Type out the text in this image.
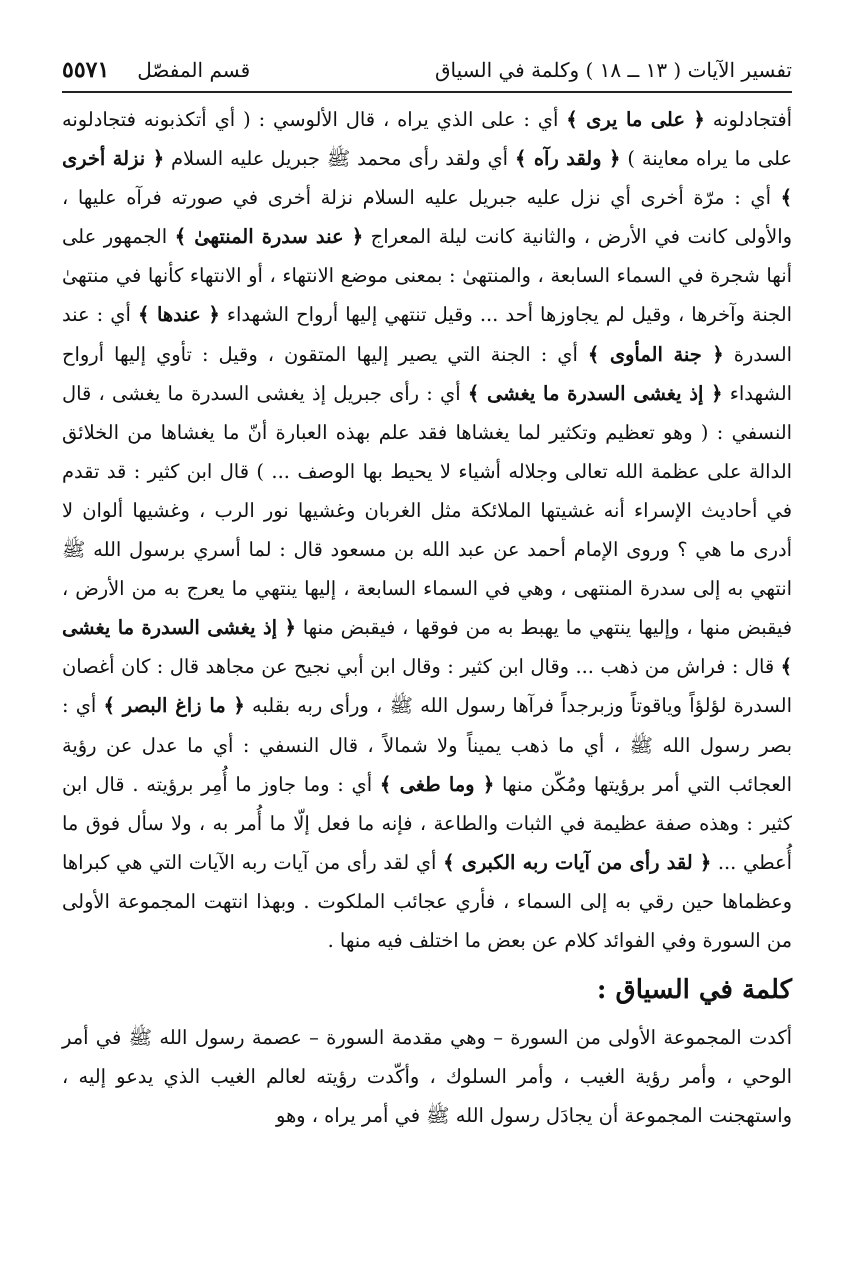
تفسير الآيات ( ١٣ ــ ١٨ ) وكلمة في السياق
قسم المفصّل
٥٥٧١

أفتجادلونه ﴿ على ما يرى ﴾ أي : على الذي يراه ، قال الألوسي : ( أي أتكذبونه فتجادلونه على ما يراه معاينة ) ﴿ ولقد رآه ﴾ أي ولقد رأى محمد ﷺ جبريل عليه السلام ﴿ نزلة أخرى ﴾ أي : مرّة أخرى أي نزل عليه جبريل عليه السلام نزلة أخرى في صورته فرآه عليها ، والأولى كانت في الأرض ، والثانية كانت ليلة المعراج ﴿ عند سدرة المنتهىٰ ﴾ الجمهور على أنها شجرة في السماء السابعة ، والمنتهىٰ : بمعنى موضع الانتهاء ، أو الانتهاء كأنها في منتهىٰ الجنة وآخرها ، وقيل لم يجاوزها أحد ... وقيل تنتهي إليها أرواح الشهداء ﴿ عندها ﴾ أي : عند السدرة ﴿ جنة المأوى ﴾ أي : الجنة التي يصير إليها المتقون ، وقيل : تأوي إليها أرواح الشهداء ﴿ إذ يغشى السدرة ما يغشى ﴾ أي : رأى جبريل إذ يغشى السدرة ما يغشى ، قال النسفي : ( وهو تعظيم وتكثير لما يغشاها فقد علم بهذه العبارة أنّ ما يغشاها من الخلائق الدالة على عظمة الله تعالى وجلاله أشياء لا يحيط بها الوصف ... ) قال ابن كثير : قد تقدم في أحاديث الإسراء أنه غشيتها الملائكة مثل الغربان وغشيها نور الرب ، وغشيها ألوان لا أدرى ما هي ؟ وروى الإمام أحمد عن عبد الله بن مسعود قال : لما أسري برسول الله ﷺ انتهي به إلى سدرة المنتهى ، وهي في السماء السابعة ، إليها ينتهي ما يعرج به من الأرض ، فيقبض منها ، وإليها ينتهي ما يهبط به من فوقها ، فيقبض منها ﴿ إذ يغشى السدرة ما يغشى ﴾ قال : فراش من ذهب ... وقال ابن كثير : وقال ابن أبي نجيح عن مجاهد قال : كان أغصان السدرة لؤلؤاً وياقوتاً وزبرجداً فرآها رسول الله ﷺ ، ورأى ربه بقلبه ﴿ ما زاغ البصر ﴾ أي : بصر رسول الله ﷺ ، أي ما ذهب يميناً ولا شمالاً ، قال النسفي : أي ما عدل عن رؤية العجائب التي أمر برؤيتها ومُكّن منها ﴿ وما طغى ﴾ أي : وما جاوز ما أُمِر برؤيته . قال ابن كثير : وهذه صفة عظيمة في الثبات والطاعة ، فإنه ما فعل إلّا ما أُمر به ، ولا سأل فوق ما أُعطي ... ﴿ لقد رأى من آيات ربه الكبرى ﴾ أي لقد رأى من آيات ربه الآيات التي هي كبراها وعظماها حين رقي به إلى السماء ، فأري عجائب الملكوت . وبهذا انتهت المجموعة الأولى من السورة وفي الفوائد كلام عن بعض ما اختلف فيه منها .

كلمة في السياق :

أكدت المجموعة الأولى من السورة – وهي مقدمة السورة – عصمة رسول الله ﷺ في أمر الوحي ، وأمر رؤية الغيب ، وأمر السلوك ، وأكّدت رؤيته لعالم الغيب الذي يدعو إليه ، واستهجنت المجموعة أن يجادَل رسول الله ﷺ في أمر يراه ، وهو
